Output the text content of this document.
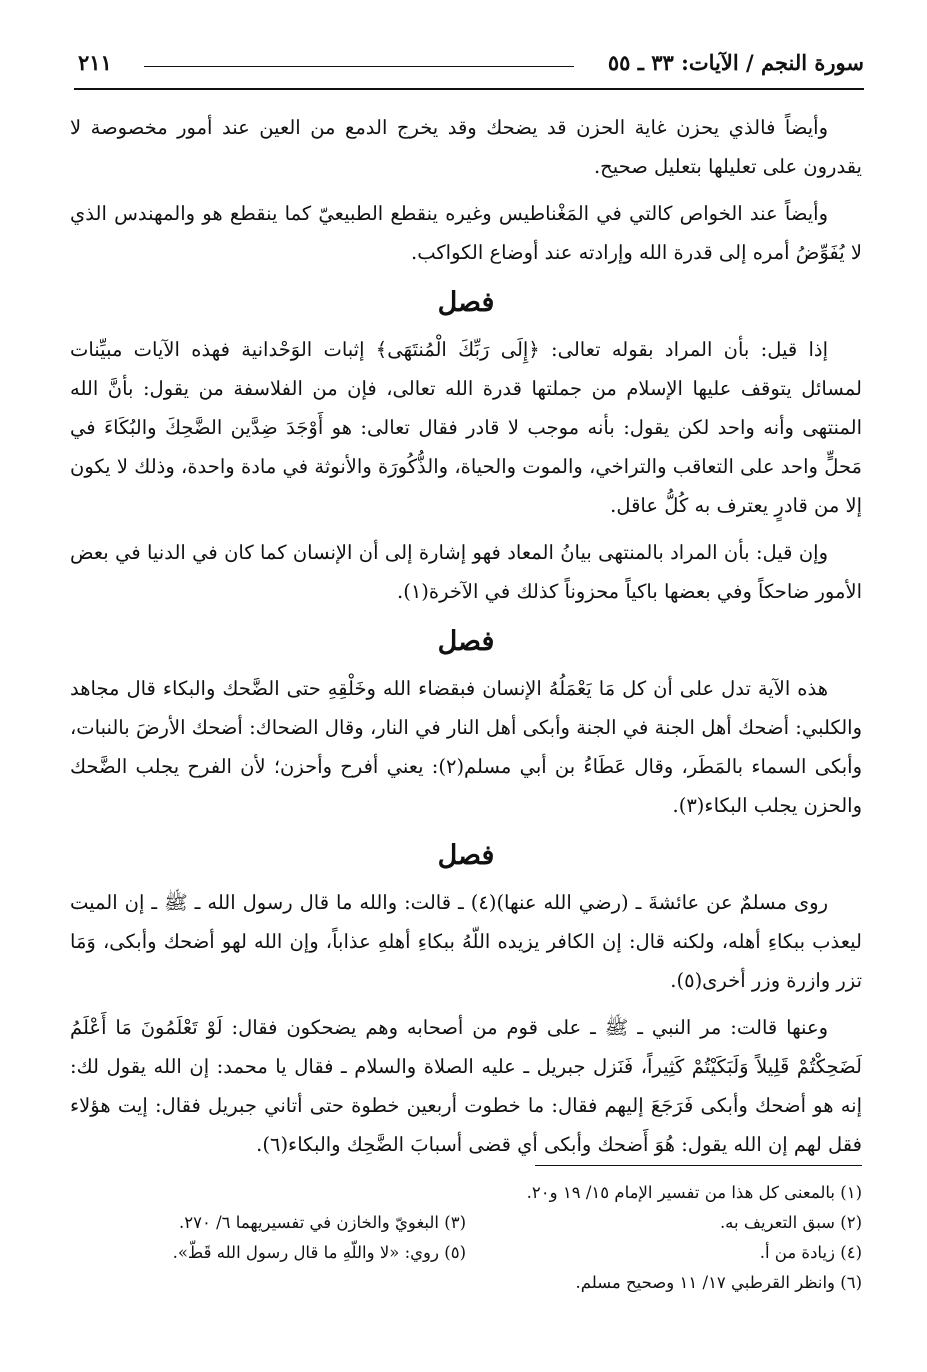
سورة النجم / الآيات: ٣٣ ـ ٥٥
٢١١

وأيضاً فالذي يحزن غاية الحزن قد يضحك وقد يخرج الدمع من العين عند أمور مخصوصة لا يقدرون على تعليلها بتعليل صحيح.

وأيضاً عند الخواص كالتي في المَغْناطيس وغيره ينقطع الطبيعيّ كما ينقطع هو والمهندس الذي لا يُفَوِّضُ أمره إلى قدرة الله وإرادته عند أوضاع الكواكب.

فصل

إذا قيل: بأن المراد بقوله تعالى: ﴿إِلَى رَبِّكَ الْمُنتَهَى﴾ إثبات الوَحْدانية فهذه الآيات مبيِّنات لمسائل يتوقف عليها الإسلام من جملتها قدرة الله تعالى، فإن من الفلاسفة من يقول: بأنَّ الله المنتهى وأنه واحد لكن يقول: بأنه موجب لا قادر فقال تعالى: هو أَوْجَدَ ضِدَّين الضَّحِكَ والبُكَاءَ في مَحلٍّ واحد على التعاقب والتراخي، والموت والحياة، والذُّكُورَة والأنوثة في مادة واحدة، وذلك لا يكون إلا من قادرٍ يعترف به كُلُّ عاقل.

وإن قيل: بأن المراد بالمنتهى بيانُ المعاد فهو إشارة إلى أن الإنسان كما كان في الدنيا في بعض الأمور ضاحكاً وفي بعضها باكياً محزوناً كذلك في الآخرة(١).

فصل

هذه الآية تدل على أن كل مَا يَعْمَلُهُ الإنسان فبقضاء الله وخَلْقِهِ حتى الضَّحك والبكاء قال مجاهد والكلبي: أضحك أهل الجنة في الجنة وأبكى أهل النار في النار، وقال الضحاك: أضحك الأرضَ بالنبات، وأبكى السماء بالمَطَر، وقال عَطَاءُ بن أبي مسلم(٢): يعني أفرح وأحزن؛ لأن الفرح يجلب الضَّحك والحزن يجلب البكاء(٣).

فصل

روى مسلمٌ عن عائشةَ ـ (رضي الله عنها)(٤) ـ قالت: والله ما قال رسول الله ـ ﷺ ـ إن الميت ليعذب ببكاءِ أهله، ولكنه قال: إن الكافر يزيده اللّهُ ببكاءِ أهلهِ عذاباً، وإن الله لهو أضحك وأبكى، وَمَا تزر وازرة وزر أخرى(٥).

وعنها قالت: مر النبي ـ ﷺ ـ على قوم من أصحابه وهم يضحكون فقال: لَوْ تَعْلَمُونَ مَا أَعْلَمُ لَضَحِكْتُمْ قَلِيلاً وَلَبَكَيْتُمْ كَثِيراً، فَنَزل جبريل ـ عليه الصلاة والسلام ـ فقال يا محمد: إن الله يقول لك: إنه هو أضحك وأبكى فَرَجَعَ إليهم فقال: ما خطوت أربعين خطوة حتى أتاني جبريل فقال: إيت هؤلاء فقل لهم إن الله يقول: هُوَ أَضحك وأبكى أي قضى أسبابَ الضَّحِك والبكاء(٦).

(١) بالمعنى كل هذا من تفسير الإمام ١٥/ ١٩ و٢٠.
(٢) سبق التعريف به.
(٣) البغويّ والخازن في تفسيريهما ٦/ ٢٧٠.
(٤) زيادة من أ.
(٥) روي: «لا واللّهِ ما قال رسول الله قَطّ».
(٦) وانظر القرطبي ١٧/ ١١ وصحيح مسلم.
